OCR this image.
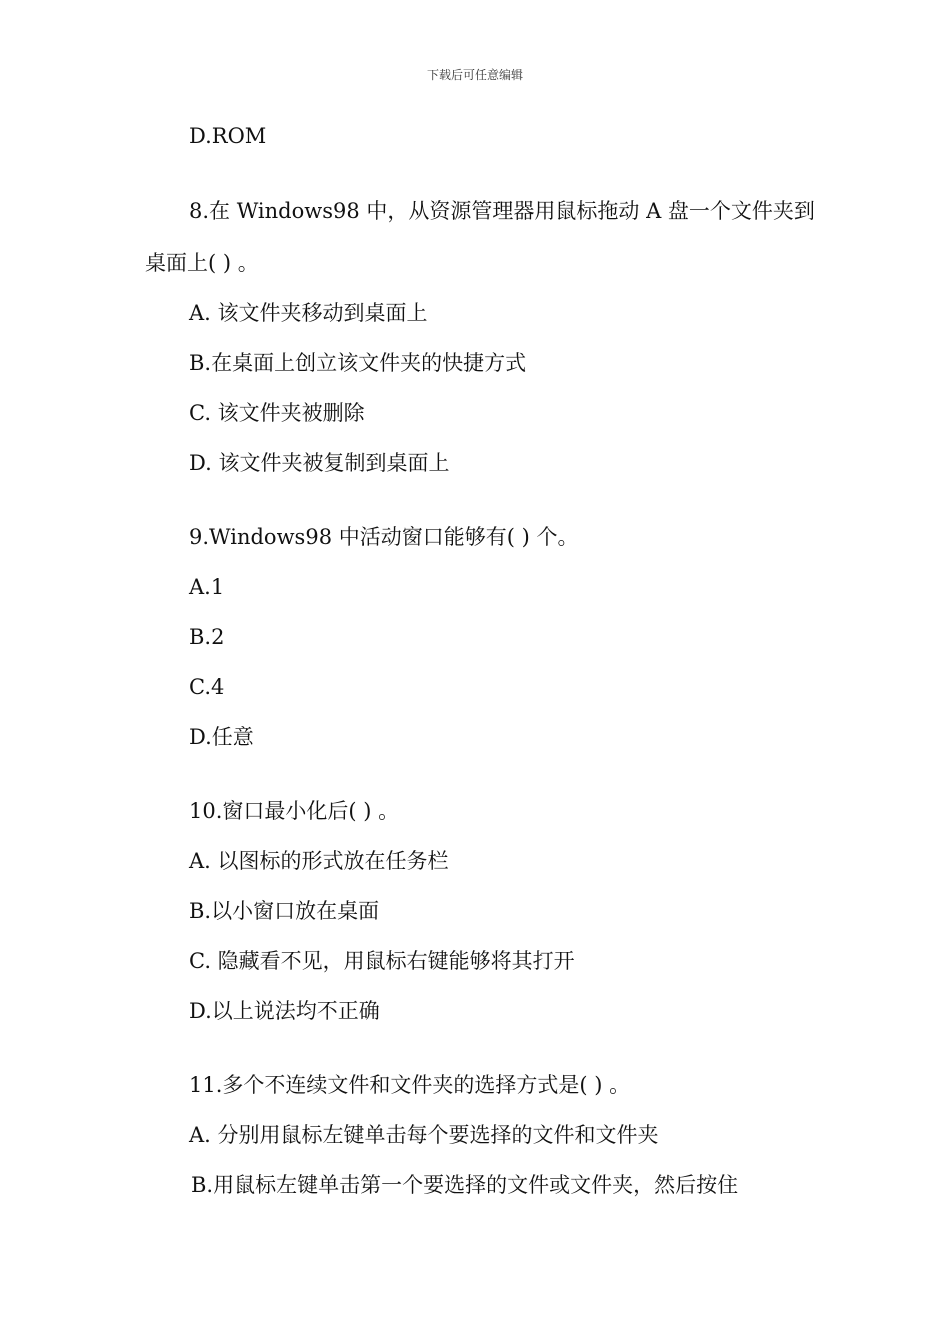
下载后可任意编辑
D.ROM
8.在 Windows98 中，从资源管理器用鼠标拖动 A 盘一个文件夹到
桌面上( ) 。
A. 该文件夹移动到桌面上
B.在桌面上创立该文件夹的快捷方式
C. 该文件夹被删除
D. 该文件夹被复制到桌面上
9.Windows98 中活动窗口能够有( ) 个。
A.1
B.2
C.4
D.任意
10.窗口最小化后( ) 。
A. 以图标的形式放在任务栏
B.以小窗口放在桌面
C. 隐藏看不见，用鼠标右键能够将其打开
D.以上说法均不正确
11.多个不连续文件和文件夹的选择方式是( ) 。
A. 分别用鼠标左键单击每个要选择的文件和文件夹
B.用鼠标左键单击第一个要选择的文件或文件夹，然后按住
